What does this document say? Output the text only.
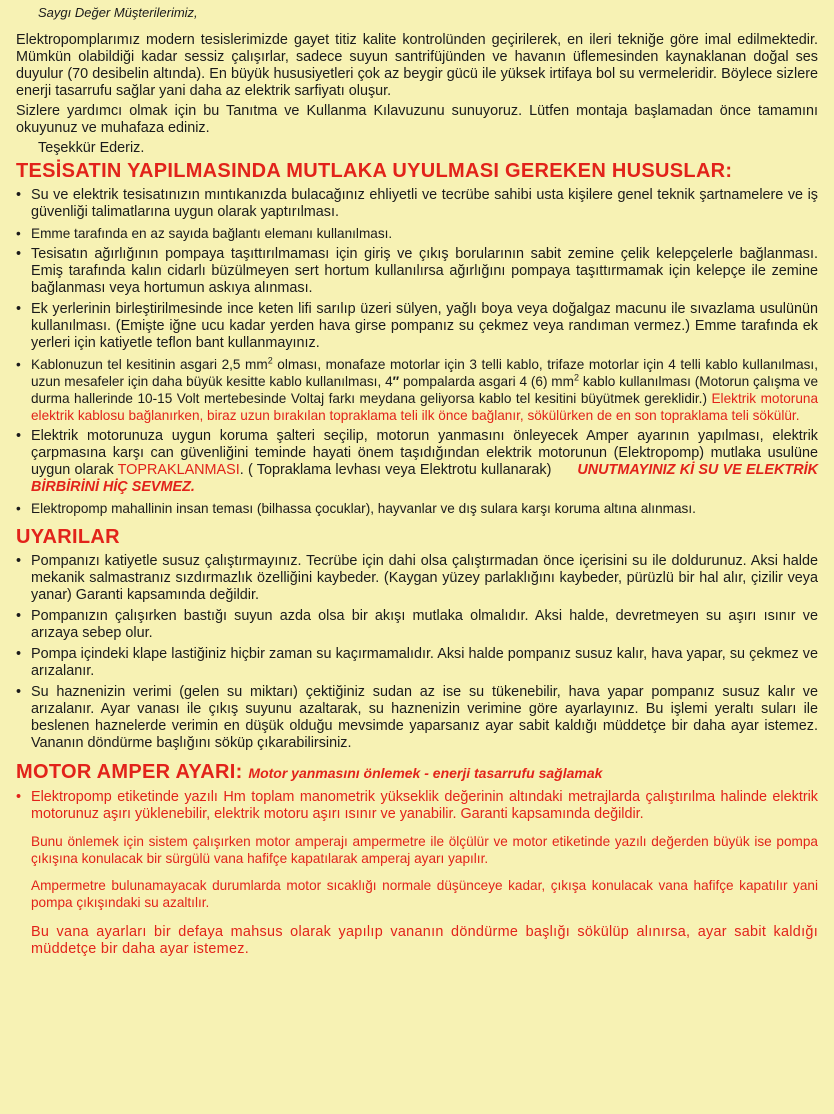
Saygı Değer Müşterilerimiz,

Elektropomplarımız modern tesislerimizde gayet titiz kalite kontrolünden geçirilerek, en ileri tekniğe göre imal edilmektedir. Mümkün olabildiği kadar sessiz çalışırlar, sadece suyun santrifüjünden ve havanın üflemesinden kaynaklanan doğal ses duyulur (70 desibelin altında). En büyük hususiyetleri çok az beygir gücü ile yüksek irtifaya bol su vermeleridir. Böylece sizlere enerji tasarrufu sağlar yani daha az elektrik sarfiyatı oluşur.

Sizlere yardımcı olmak için bu Tanıtma ve Kullanma Kılavuzunu sunuyoruz. Lütfen montaja başlamadan önce tamamını okuyunuz ve muhafaza ediniz.

Teşekkür Ederiz.

TESİSATIN YAPILMASINDA MUTLAKA UYULMASI GEREKEN HUSUSLAR:
• Su ve elektrik tesisatınızın mıntıkanızda bulacağınız ehliyetli ve tecrübe sahibi usta kişilere genel teknik şartnamelere ve iş güvenliği talimatlarına uygun olarak yaptırılması.
• Emme tarafında en az sayıda bağlantı elemanı kullanılması.
• Tesisatın ağırlığının pompaya taşıttırılmaması için giriş ve çıkış borularının sabit zemine çelik kelepçelerle bağlanması. Emiş tarafında kalın cidarlı büzülmeyen sert hortum kullanılırsa ağırlığını pompaya taşıttırmamak için kelepçe ile zemine bağlanması veya hortumun askıya alınması.
• Ek yerlerinin birleştirilmesinde ince keten lifi sarılıp üzeri sülyen, yağlı boya veya doğalgaz macunu ile sıvazlama usulünün kullanılması. (Emişte iğne ucu kadar yerden hava girse pompanız su çekmez veya randıman vermez.) Emme tarafında ek yerleri için katiyetle teflon bant kullanmayınız.
• Kablonuzun tel kesitinin asgari 2,5 $mm^2$ olması, monafaze motorlar için 3 telli kablo, trifaze motorlar için 4 telli kablo kullanılması, uzun mesafeler için daha büyük kesitte kablo kullanılması, 4″ pompalarda asgari 4 (6) $mm^2$ kablo kullanılması (Motorun çalışma ve durma hallerinde 10-15 Volt mertebesinde Voltaj farkı meydana geliyorsa kablo tel kesitini büyütmek gereklidir.) Elektrik motoruna elektrik kablosu bağlanırken, biraz uzun bırakılan topraklama teli ilk önce bağlanır, sökülürken de en son topraklama teli sökülür.
• Elektrik motorunuza uygun koruma şalteri seçilip, motorun yanmasını önleyecek Amper ayarının yapılması, elektrik çarpmasına karşı can güvenliğini teminde hayati önem taşıdığından elektrik motorunun (Elektropomp) mutlaka usulüne uygun olarak TOPRAKLANMASI. ( Topraklama levhası veya Elektrotu kullanarak) UNUTMAYINIZ Kİ SU VE ELEKTRİK BİRBİRİNİ HİÇ SEVMEZ.
• Elektropomp mahallinin insan teması (bilhassa çocuklar), hayvanlar ve dış sulara karşı koruma altına alınması.
UYARILAR
• Pompanızı katiyetle susuz çalıştırmayınız. Tecrübe için dahi olsa çalıştırmadan önce içerisini su ile doldurunuz. Aksi halde mekanik salmastranız sızdırmazlık özelliğini kaybeder. (Kaygan yüzey parlaklığını kaybeder, pürüzlü bir hal alır, çizilir veya yanar) Garanti kapsamında değildir.
• Pompanızın çalışırken bastığı suyun azda olsa bir akışı mutlaka olmalıdır. Aksi halde, devretmeyen su aşırı ısınır ve arızaya sebep olur.
• Pompa içindeki klape lastiğiniz hiçbir zaman su kaçırmamalıdır. Aksi halde pompanız susuz kalır, hava yapar, su çekmez ve arızalanır.
• Su haznenizin verimi (gelen su miktarı) çektiğiniz sudan az ise su tükenebilir, hava yapar pompanız susuz kalır ve arızalanır. Ayar vanası ile çıkış suyunu azaltarak, su haznenizin verimine göre ayarlayınız. Bu işlemi yeraltı suları ile beslenen haznelerde verimin en düşük olduğu mevsimde yaparsanız ayar sabit kaldığı müddetçe bir daha ayar istemez. Vananın döndürme başlığını söküp çıkarabilirsiniz.
MOTOR AMPER AYARI: Motor yanmasını önlemek - enerji tasarrufu sağlamak
• Elektropomp etiketinde yazılı Hm toplam manometrik yükseklik değerinin altındaki metrajlarda çalıştırılma halinde elektrik motorunuz aşırı yüklenebilir, elektrik motoru aşırı ısınır ve yanabilir. Garanti kapsamında değildir.

Bunu önlemek için sistem çalışırken motor amperajı ampermetre ile ölçülür ve motor etiketinde yazılı değerden büyük ise pompa çıkışına konulacak bir sürgülü vana hafifçe kapatılarak amperaj ayarı yapılır.

Ampermetre bulunamayacak durumlarda motor sıcaklığı normale düşünceye kadar, çıkışa konulacak vana hafifçe kapatılır yani pompa çıkışındaki su azaltılır.

Bu vana ayarları bir defaya mahsus olarak yapılıp vananın döndürme başlığı sökülüp alınırsa, ayar sabit kaldığı müddetçe bir daha ayar istemez.
